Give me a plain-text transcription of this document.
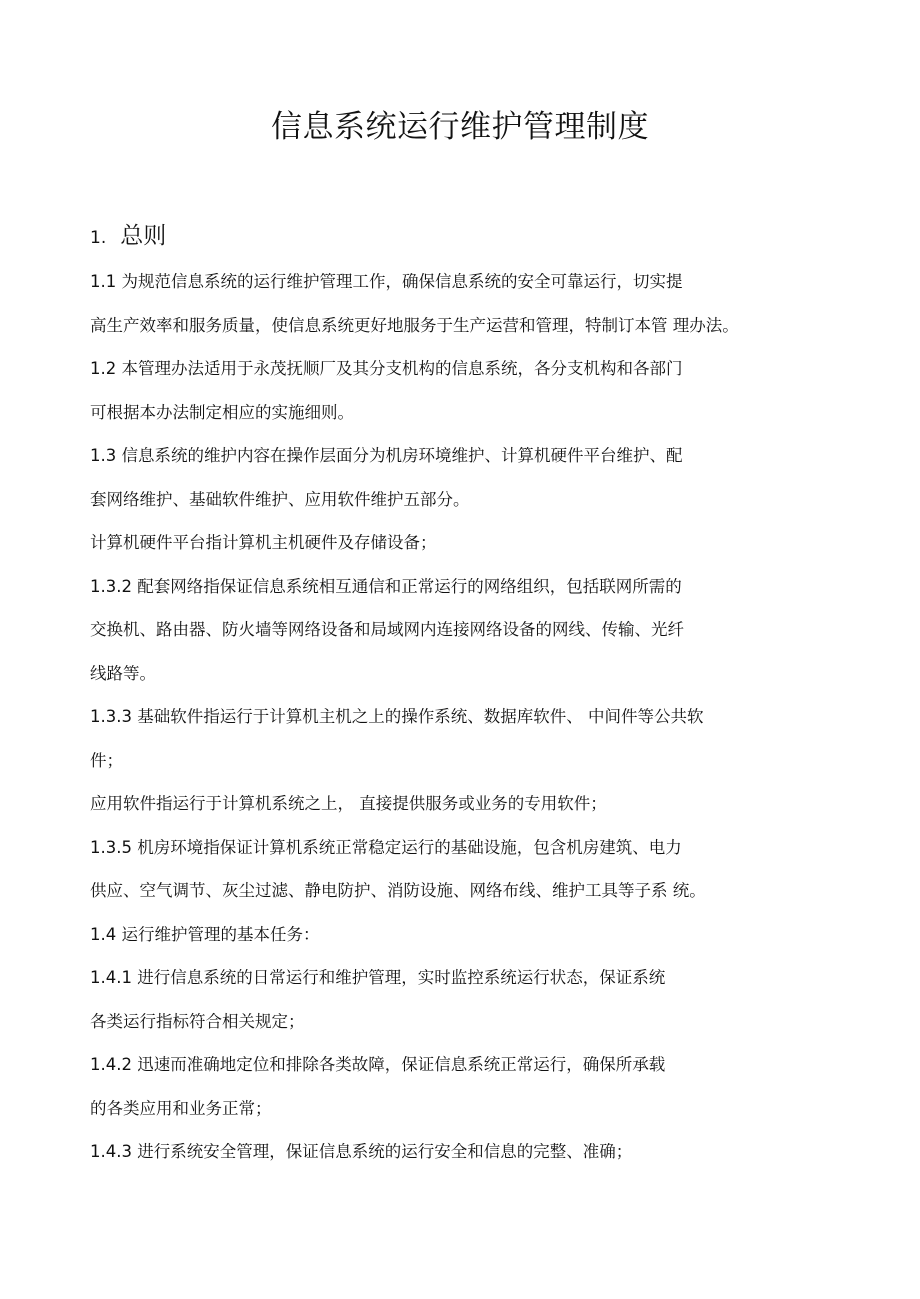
信息系统运行维护管理制度
1. 总则
1.1 为规范信息系统的运行维护管理工作，确保信息系统的安全可靠运行，切实提
高生产效率和服务质量，使信息系统更好地服务于生产运营和管理，特制订本管 理办法。
1.2 本管理办法适用于永茂抚顺厂及其分支机构的信息系统，各分支机构和各部门
可根据本办法制定相应的实施细则。
1.3 信息系统的维护内容在操作层面分为机房环境维护、计算机硬件平台维护、配
套网络维护、基础软件维护、应用软件维护五部分。
计算机硬件平台指计算机主机硬件及存储设备；
1.3.2 配套网络指保证信息系统相互通信和正常运行的网络组织，包括联网所需的
交换机、路由器、防火墙等网络设备和局域网内连接网络设备的网线、传输、光纤
线路等。
1.3.3 基础软件指运行于计算机主机之上的操作系统、数据库软件、 中间件等公共软
件；
应用软件指运行于计算机系统之上， 直接提供服务或业务的专用软件；
1.3.5 机房环境指保证计算机系统正常稳定运行的基础设施，包含机房建筑、电力
供应、空气调节、灰尘过滤、静电防护、消防设施、网络布线、维护工具等子系 统。
1.4 运行维护管理的基本任务：
1.4.1 进行信息系统的日常运行和维护管理，实时监控系统运行状态，保证系统
各类运行指标符合相关规定；
1.4.2 迅速而准确地定位和排除各类故障，保证信息系统正常运行，确保所承载
的各类应用和业务正常；
1.4.3 进行系统安全管理，保证信息系统的运行安全和信息的完整、准确；
